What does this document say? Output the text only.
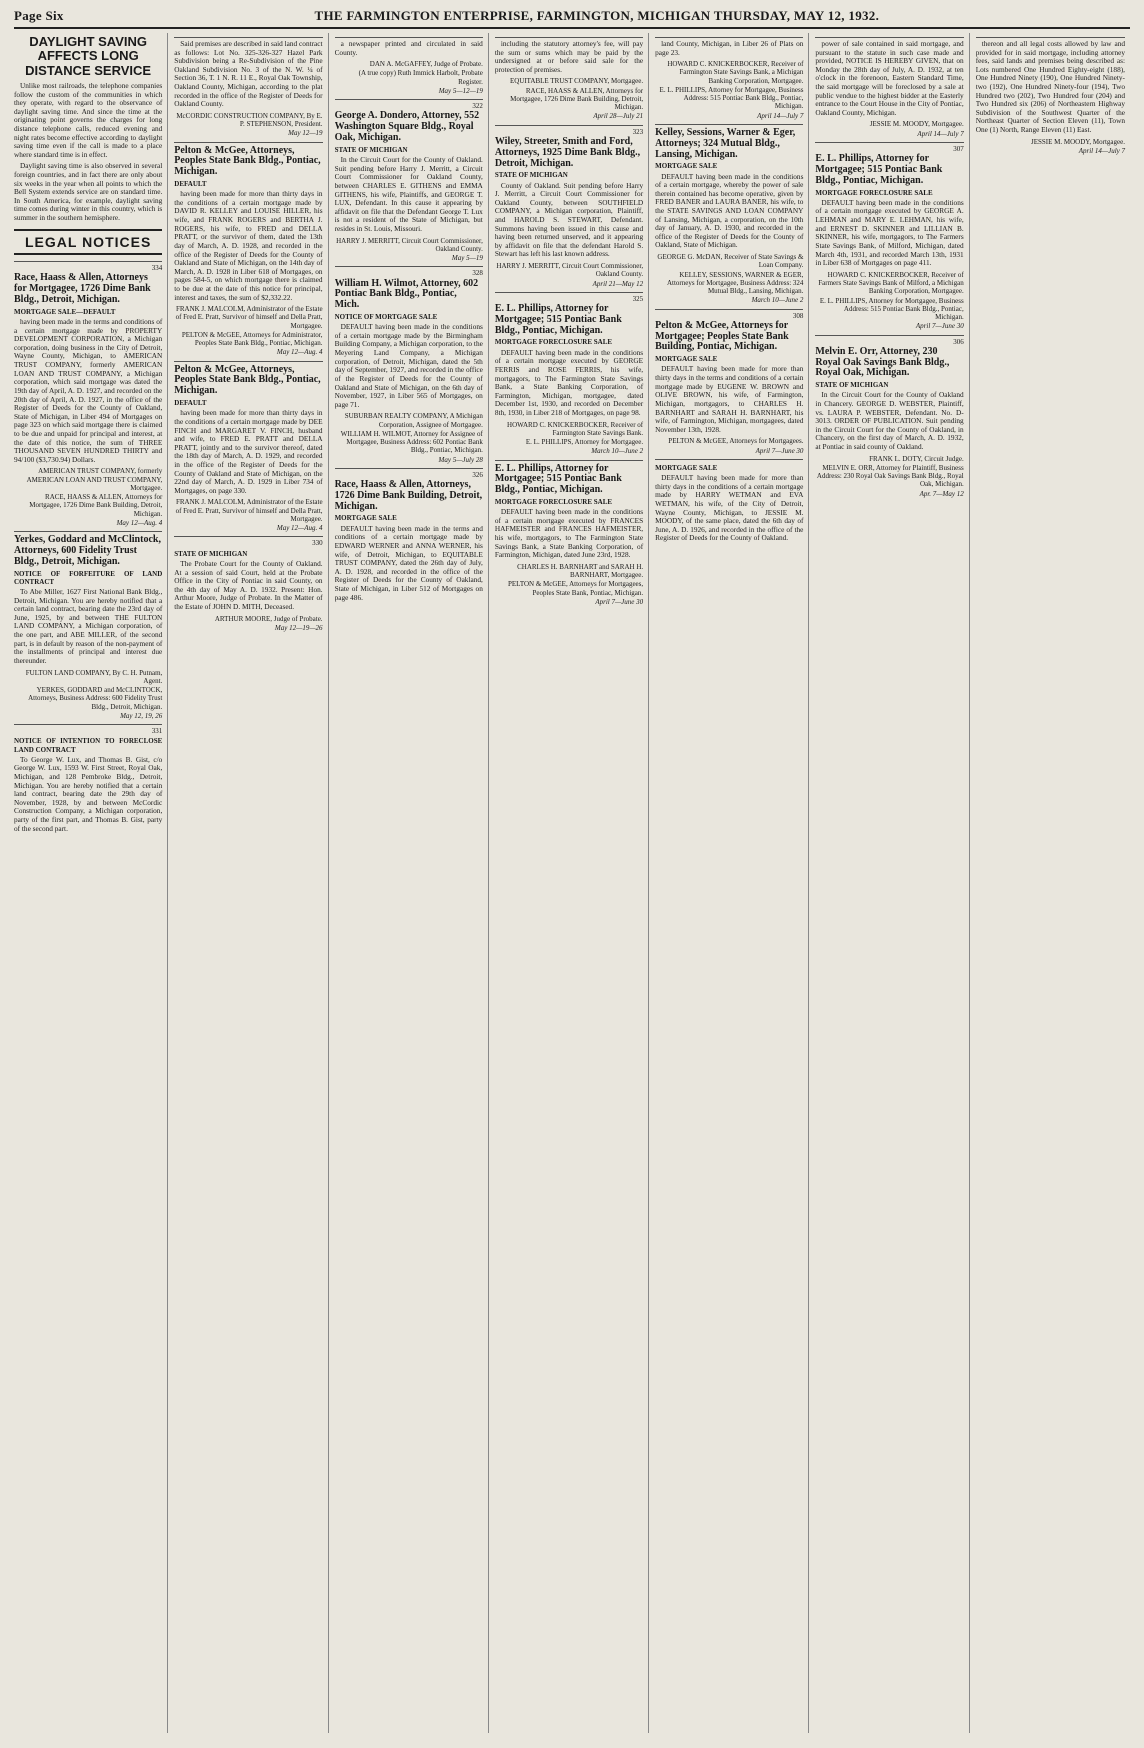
Page Six	THE FARMINGTON ENTERPRISE, FARMINGTON, MICHIGAN THURSDAY, MAY 12, 1932.
DAYLIGHT SAVING AFFECTS LONG DISTANCE SERVICE

Unlike most railroads, the telephone companies follow the custom of the communities in which they operate, with regard to the observance of daylight saving time. And since the time at the originating point governs the charges for long distance telephone calls, reduced evening and night rates become effective according to daylight saving time even if the call is made to a place where standard time is in effect.

Daylight saving time is also observed in several foreign countries, and in fact there are only about six weeks in the year when all points to which the Bell System extends service are on standard time. In South America, for example, daylight saving time comes during winter in this country, which is summer in the southern hemisphere.

LEGAL NOTICES
334
Race, Haass & Allen, Attorneys for Mortgagee, 1726 Dime Bank Bldg., Detroit, Michigan.
MORTGAGE SALE—DEFAULT

having been made in the terms and conditions of a certain mortgage made by PROPERTY DEVELOPMENT CORPORATION, a Michigan corporation, doing business in the City of Detroit, Wayne County, Michigan, to AMERICAN TRUST COMPANY, formerly AMERICAN LOAN AND TRUST COMPANY, a Michigan corporation, which said mortgage was dated the 19th day of April, A. D. 1927, and recorded on the 20th day of April, A. D. 1927, in the office of the Register of Deeds for the County of Oakland, State of Michigan, in Liber 494 of Mortgages on page 323 on which said mortgage there is claimed to be due and unpaid for principal and interest, at the date of this notice, the sum of THREE THOUSAND SEVEN HUNDRED THIRTY and 94/100 ($3,730.94) Dollars.

AMERICAN TRUST COMPANY, formerly AMERICAN LOAN AND TRUST COMPANY, Mortgagee.
RACE, HAASS & ALLEN, Attorneys for Mortgagee, 1726 Dime Bank Building, Detroit, Michigan.
May 12—Aug. 4
Yerkes, Goddard and McClintock, Attorneys, 600 Fidelity Trust Bldg., Detroit, Michigan.
NOTICE OF FORFEITURE OF LAND CONTRACT

To Abe Miller, 1627 First National Bank Bldg., Detroit, Michigan. You are hereby notified that a certain land contract, bearing date the 23rd day of June, 1925, by and between THE FULTON LAND COMPANY, a Michigan corporation, of the one part, and ABE MILLER, of the second part, is in default by reason of the non-payment of the installments of principal and interest due thereunder.

FULTON LAND COMPANY, By C. H. Putnam, Agent.
YERKES, GODDARD and McCLINTOCK, Attorneys, Business Address: 600 Fidelity Trust Bldg., Detroit, Michigan.
May 12, 19, 26
331
NOTICE OF INTENTION TO FORECLOSE LAND CONTRACT

To George W. Lux, and Thomas B. Gist, c/o George W. Lux, 1593 W. First Street, Royal Oak, Michigan, and 128 Pembroke Bldg., Detroit, Michigan. You are hereby notified that a certain land contract, bearing date the 29th day of November, 1928, by and between McCordic Construction Company, a Michigan corporation, party of the first part, and Thomas B. Gist, party of the second part.

Said premises are described in said land contract as follows: Lot No. 325-326-327 Hazel Park Subdivision being a Re-Subdivision of the Pine Oakland Subdivision No. 3 of the N. W. ¼ of Section 36, T. 1 N. R. 11 E., Royal Oak Township, Oakland County, Michigan, according to the plat recorded in the office of the Register of Deeds for Oakland County.

McCORDIC CONSTRUCTION COMPANY, By E. P. STEPHENSON, President.
May 12—19
Pelton & McGee, Attorneys, Peoples State Bank Bldg., Pontiac, Michigan.
DEFAULT

having been made for more than thirty days in the conditions of a certain mortgage made by DAVID R. KELLEY and LOUISE HILLER, his wife, and FRANK ROGERS and BERTHA J. ROGERS, his wife, to FRED and DELLA PRATT, or the survivor of them, dated the 13th day of March, A. D. 1928, and recorded in the office of the Register of Deeds for the County of Oakland and State of Michigan, on the 14th day of March, A. D. 1928 in Liber 618 of Mortgages, on pages 584-5, on which mortgage there is claimed to be due at the date of this notice for principal, interest and taxes, the sum of $2,332.22.

FRANK J. MALCOLM, Administrator of the Estate of Fred E. Pratt, Survivor of himself and Della Pratt, Mortgagee.
PELTON & McGEE, Attorneys for Administrator, Peoples State Bank Bldg., Pontiac, Michigan.
May 12—Aug. 4
Pelton & McGee, Attorneys, Peoples State Bank Bldg., Pontiac, Michigan.
DEFAULT

having been made for more than thirty days in the conditions of a certain mortgage made by DEE FINCH and MARGARET V. FINCH, husband and wife, to FRED E. PRATT and DELLA PRATT, jointly and to the survivor thereof, dated the 18th day of March, A. D. 1929, and recorded in the office of the Register of Deeds for the County of Oakland and State of Michigan, on the 22nd day of March, A. D. 1929 in Liber 734 of Mortgages, on page 330.

FRANK J. MALCOLM, Administrator of the Estate of Fred E. Pratt, Survivor of himself and Della Pratt, Mortgagee.
May 12—Aug. 4
330
STATE OF MICHIGAN

The Probate Court for the County of Oakland. At a session of said Court, held at the Probate Office in the City of Pontiac in said County, on the 4th day of May A. D. 1932. Present: Hon. Arthur Moore, Judge of Probate. In the Matter of the Estate of JOHN D. MITH, Deceased.

ARTHUR MOORE, Judge of Probate.
May 12—19—26

a newspaper printed and circulated in said County.

DAN A. McGAFFEY, Judge of Probate.
(A true copy) Ruth Immick Harbolt, Probate Register.
May 5—12—19
322
George A. Dondero, Attorney, 552 Washington Square Bldg., Royal Oak, Michigan.
STATE OF MICHIGAN

In the Circuit Court for the County of Oakland. Suit pending before Harry J. Merritt, a Circuit Court Commissioner for Oakland County, between CHARLES E. GITHENS and EMMA GITHENS, his wife, Plaintiffs, and GEORGE T. LUX, Defendant. In this cause it appearing by affidavit on file that the Defendant George T. Lux is not a resident of the State of Michigan, but resides in St. Louis, Missouri.

HARRY J. MERRITT, Circuit Court Commissioner, Oakland County.
May 5—19
328
William H. Wilmot, Attorney, 602 Pontiac Bank Bldg., Pontiac, Mich.
NOTICE OF MORTGAGE SALE

DEFAULT having been made in the conditions of a certain mortgage made by the Birmingham Building Company, a Michigan corporation, to the Meyering Land Company, a Michigan corporation, of Detroit, Michigan, dated the 5th day of September, 1927, and recorded in the office of the Register of Deeds for the County of Oakland and State of Michigan, on the 6th day of November, 1927, in Liber 565 of Mortgages, on page 71.

SUBURBAN REALTY COMPANY, A Michigan Corporation, Assignee of Mortgagee.
WILLIAM H. WILMOT, Attorney for Assignee of Mortgagee, Business Address: 602 Pontiac Bank Bldg., Pontiac, Michigan.
May 5—July 28
326
Race, Haass & Allen, Attorneys, 1726 Dime Bank Building, Detroit, Michigan.
MORTGAGE SALE

DEFAULT having been made in the terms and conditions of a certain mortgage made by EDWARD WERNER and ANNA WERNER, his wife, of Detroit, Michigan, to EQUITABLE TRUST COMPANY, dated the 26th day of July, A. D. 1928, and recorded in the office of the Register of Deeds for the County of Oakland, State of Michigan, in Liber 512 of Mortgages on page 486.

including the statutory attorney's fee, will pay the sum or sums which may be paid by the undersigned at or before said sale for the protection of premises.

EQUITABLE TRUST COMPANY, Mortgagee.
RACE, HAASS & ALLEN, Attorneys for Mortgagee, 1726 Dime Bank Building, Detroit, Michigan.
April 28—July 21
323
Wiley, Streeter, Smith and Ford, Attorneys, 1925 Dime Bank Bldg., Detroit, Michigan.
STATE OF MICHIGAN

County of Oakland. Suit pending before Harry J. Merritt, a Circuit Court Commissioner for Oakland County, between SOUTHFIELD COMPANY, a Michigan corporation, Plaintiff, and HAROLD S. STEWART, Defendant. Summons having been issued in this cause and having been returned unserved, and it appearing by affidavit on file that the defendant Harold S. Stewart has left his last known address.

HARRY J. MERRITT, Circuit Court Commissioner, Oakland County.
April 21—May 12
325
E. L. Phillips, Attorney for Mortgagee; 515 Pontiac Bank Bldg., Pontiac, Michigan.
MORTGAGE FORECLOSURE SALE

DEFAULT having been made in the conditions of a certain mortgage executed by GEORGE FERRIS and ROSE FERRIS, his wife, mortgagors, to The Farmington State Savings Bank, a State Banking Corporation, of Farmington, Michigan, mortgagee, dated December 1st, 1930, and recorded on December 8th, 1930, in Liber 218 of Mortgages, on page 98.

HOWARD C. KNICKERBOCKER, Receiver of Farmington State Savings Bank.
E. L. PHILLIPS, Attorney for Mortgagee.
March 10—June 2
E. L. Phillips, Attorney for Mortgagee; 515 Pontiac Bank Bldg., Pontiac, Michigan.
MORTGAGE FORECLOSURE SALE

DEFAULT having been made in the conditions of a certain mortgage executed by FRANCES HAFMEISTER and FRANCES HAFMEISTER, his wife, mortgagors, to The Farmington State Savings Bank, a State Banking Corporation, of Farmington, Michigan, dated June 23rd, 1928.

CHARLES H. BARNHART and SARAH H. BARNHART, Mortgagee.
PELTON & McGEE, Attorneys for Mortgagees, Peoples State Bank, Pontiac, Michigan.
April 7—June 30

land County, Michigan, in Liber 26 of Plats on page 23.

HOWARD C. KNICKERBOCKER, Receiver of Farmington State Savings Bank, a Michigan Banking Corporation, Mortgagee.
E. L. PHILLIPS, Attorney for Mortgagee, Business Address: 515 Pontiac Bank Bldg., Pontiac, Michigan.
April 14—July 7
Kelley, Sessions, Warner & Eger, Attorneys; 324 Mutual Bldg., Lansing, Michigan.
MORTGAGE SALE

DEFAULT having been made in the conditions of a certain mortgage, whereby the power of sale therein contained has become operative, given by FRED BANER and LAURA BANER, his wife, to the STATE SAVINGS AND LOAN COMPANY of Lansing, Michigan, a corporation, on the 10th day of January, A. D. 1930, and recorded in the office of the Register of Deeds for the County of Oakland, State of Michigan.

GEORGE G. McDAN, Receiver of State Savings & Loan Company.
KELLEY, SESSIONS, WARNER & EGER, Attorneys for Mortgagee, Business Address: 324 Mutual Bldg., Lansing, Michigan.
March 10—June 2
308
Pelton & McGee, Attorneys for Mortgagee; Peoples State Bank Building, Pontiac, Michigan.
MORTGAGE SALE

DEFAULT having been made for more than thirty days in the terms and conditions of a certain mortgage made by EUGENE W. BROWN and OLIVE BROWN, his wife, of Farmington, Michigan, mortgagors, to CHARLES H. BARNHART and SARAH H. BARNHART, his wife, of Farmington, Michigan, mortgagees, dated November 13th, 1928.

PELTON & McGEE, Attorneys for Mortgagees.
April 7—June 30
MORTGAGE SALE

DEFAULT having been made for more than thirty days in the conditions of a certain mortgage made by HARRY WETMAN and EVA WETMAN, his wife, of the City of Detroit, Wayne County, Michigan, to JESSIE M. MOODY, of the same place, dated the 6th day of June, A. D. 1926, and recorded in the office of the Register of Deeds for the County of Oakland.

power of sale contained in said mortgage, and pursuant to the statute in such case made and provided, NOTICE IS HEREBY GIVEN, that on Monday the 28th day of July, A. D. 1932, at ten o'clock in the forenoon, Eastern Standard Time, the said mortgage will be foreclosed by a sale at public vendue to the highest bidder at the Easterly entrance to the Court House in the City of Pontiac, Oakland County, Michigan.

JESSIE M. MOODY, Mortgagee.
April 14—July 7
307
E. L. Phillips, Attorney for Mortgagee; 515 Pontiac Bank Bldg., Pontiac, Michigan.
MORTGAGE FORECLOSURE SALE

DEFAULT having been made in the conditions of a certain mortgage executed by GEORGE A. LEHMAN and MARY E. LEHMAN, his wife, and ERNEST D. SKINNER and LILLIAN B. SKINNER, his wife, mortgagors, to The Farmers State Savings Bank, of Milford, Michigan, dated March 4th, 1931, and recorded March 13th, 1931 in Liber 638 of Mortgages on page 411.

HOWARD C. KNICKERBOCKER, Receiver of Farmers State Savings Bank of Milford, a Michigan Banking Corporation, Mortgagee.
E. L. PHILLIPS, Attorney for Mortgagee, Business Address: 515 Pontiac Bank Bldg., Pontiac, Michigan.
April 7—June 30
306
Melvin E. Orr, Attorney, 230 Royal Oak Savings Bank Bldg., Royal Oak, Michigan.
STATE OF MICHIGAN

In the Circuit Court for the County of Oakland in Chancery. GEORGE D. WEBSTER, Plaintiff, vs. LAURA P. WEBSTER, Defendant. No. D-3013. ORDER OF PUBLICATION. Suit pending in the Circuit Court for the County of Oakland, in Chancery, on the first day of March, A. D. 1932, at Pontiac in said county of Oakland.

FRANK L. DOTY, Circuit Judge.
MELVIN E. ORR, Attorney for Plaintiff, Business Address: 230 Royal Oak Savings Bank Bldg., Royal Oak, Michigan.
Apr. 7—May 12

thereon and all legal costs allowed by law and provided for in said mortgage, including attorney fees, said lands and premises being described as: Lots numbered One Hundred Eighty-eight (188), One Hundred Ninety (190), One Hundred Ninety-two (192), One Hundred Ninety-four (194), Two Hundred two (202), Two Hundred four (204) and Two Hundred six (206) of Northeastern Highway Subdivision of the Southwest Quarter of the Northeast Quarter of Section Eleven (11), Town One (1) North, Range Eleven (11) East.

JESSIE M. MOODY, Mortgagee.
April 14—July 7
